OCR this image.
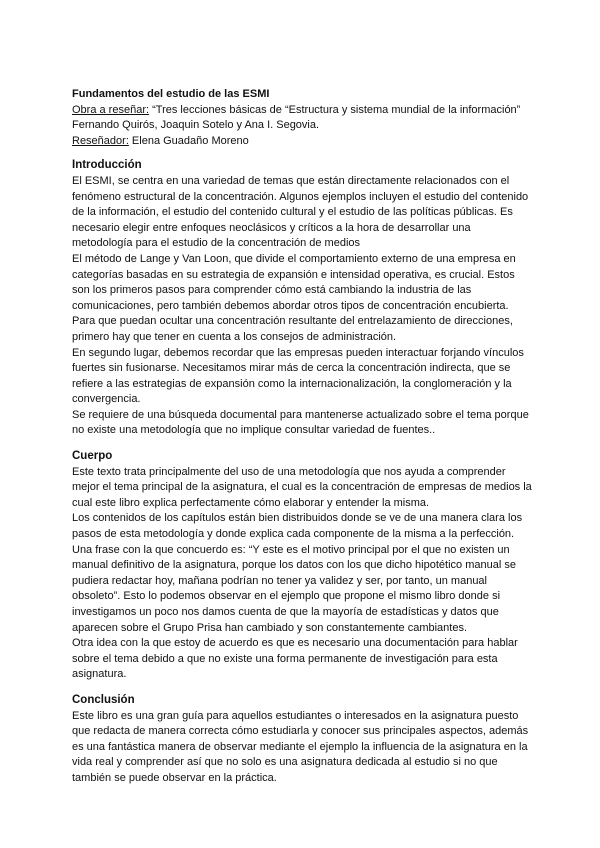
Fundamentos del estudio de las ESMI

Obra a reseñar: “Tres lecciones básicas de “Estructura y sistema mundial de la información”

Fernando Quirós, Joaquin Sotelo y Ana I. Segovia.

Reseñador: Elena Guadaño Moreno

Introducción

El ESMI, se centra en una variedad de temas que están directamente relacionados con el fenómeno estructural de la concentración. Algunos ejemplos incluyen el estudio del contenido de la información, el estudio del contenido cultural y el estudio de las políticas públicas. Es necesario elegir entre enfoques neoclásicos y críticos a la hora de desarrollar una metodología para el estudio de la concentración de medios

El método de Lange y Van Loon, que divide el comportamiento externo de una empresa en categorías basadas en su estrategia de expansión e intensidad operativa, es crucial. Estos son los primeros pasos para comprender cómo está cambiando la industria de las comunicaciones, pero también debemos abordar otros tipos de concentración encubierta. Para que puedan ocultar una concentración resultante del entrelazamiento de direcciones, primero hay que tener en cuenta a los consejos de administración.

En segundo lugar, debemos recordar que las empresas pueden interactuar forjando vínculos fuertes sin fusionarse. Necesitamos mirar más de cerca la concentración indirecta, que se refiere a las estrategias de expansión como la internacionalización, la conglomeración y la convergencia.

Se requiere de una búsqueda documental para mantenerse actualizado sobre el tema porque no existe una metodología que no implique consultar variedad de fuentes..

Cuerpo

Este texto trata principalmente del uso de una metodología que nos ayuda a comprender mejor el tema principal de la asignatura, el cual es la concentración de empresas de medios la cual este libro explica perfectamente cómo elaborar y entender la misma.

Los contenidos de los capítulos están bien distribuidos donde se ve de una manera clara los pasos de esta metodología y donde explica cada componente de la misma a la perfección.

Una frase con la que concuerdo es: “Y este es el motivo principal por el que no existen un manual definitivo de la asignatura, porque los datos con los que dicho hipotético manual se pudiera redactar hoy, mañana podrían no tener ya validez y ser, por tanto, un manual obsoleto”. Esto lo podemos observar en el ejemplo que propone el mismo libro donde si investigamos un poco nos damos cuenta de que la mayoría de estadísticas y datos que aparecen sobre el Grupo Prisa han cambiado y son constantemente cambiantes.

Otra idea con la que estoy de acuerdo es que es necesario una documentación para hablar sobre el tema debido a que no existe una forma permanente de investigación para esta asignatura.

Conclusión

Este libro es una gran guía para aquellos estudiantes o interesados en la asignatura puesto que redacta de manera correcta cómo estudiarla y conocer sus principales aspectos, además es una fantástica manera de observar mediante el ejemplo la influencia de la asignatura en la vida real y comprender así que no solo es una asignatura dedicada al estudio si no que también se puede observar en la práctica.
